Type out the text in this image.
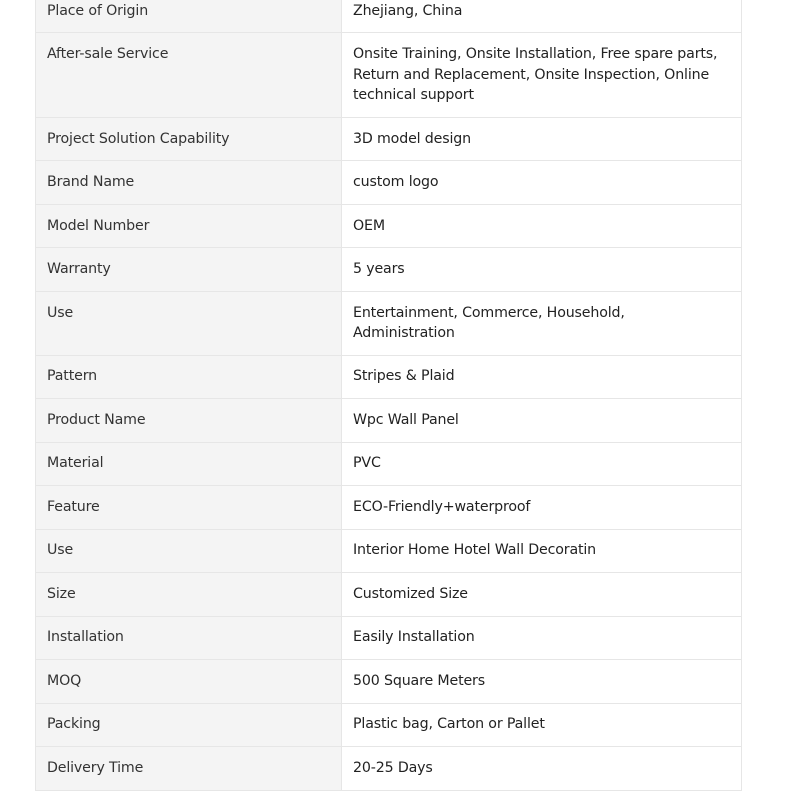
Place of Origin	Zhejiang, China
After-sale Service	Onsite Training, Onsite Installation, Free spare parts, Return and Replacement, Onsite Inspection, Online technical support
Project Solution Capability	3D model design
Brand Name	custom logo
Model Number	OEM
Warranty	5 years
Use	Entertainment, Commerce, Household, Administration
Pattern	Stripes & Plaid
Product Name	Wpc Wall Panel
Material	PVC
Feature	ECO-Friendly+waterproof
Use	Interior Home Hotel Wall Decoratin
Size	Customized Size
Installation	Easily Installation
MOQ	500 Square Meters
Packing	Plastic bag, Carton or Pallet
Delivery Time	20-25 Days
